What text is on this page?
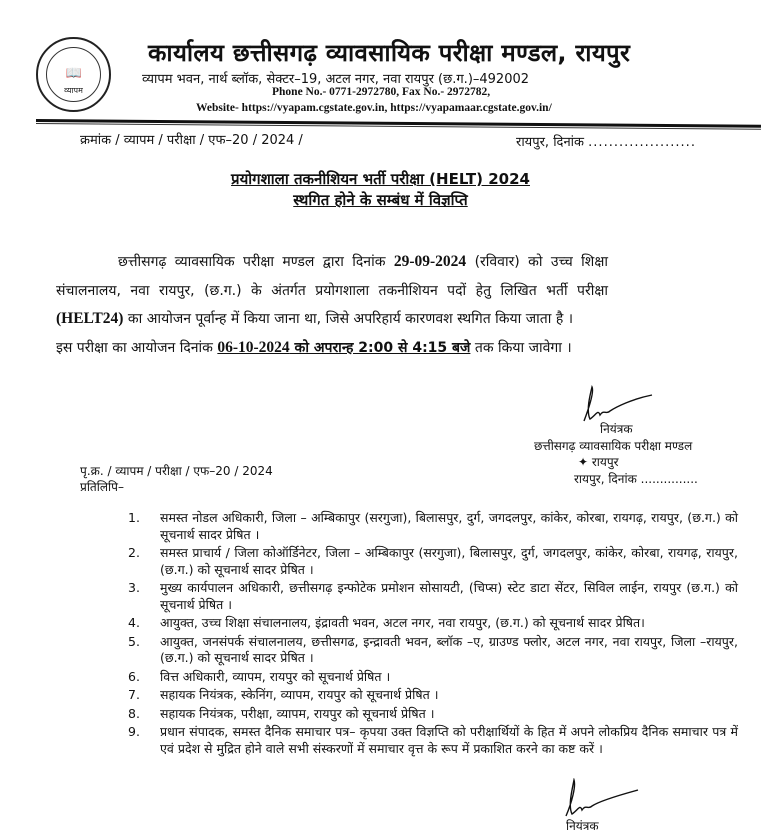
📖
व्यापम
कार्यालय छत्तीसगढ़ व्यावसायिक परीक्षा मण्डल, रायपुर
व्यापम भवन, नार्थ ब्लॉक, सेक्टर–19, अटल नगर, नवा रायपुर (छ.ग.)–492002
Phone No.- 0771-2972780, Fax No.- 2972782,
Website- https://vyapam.cgstate.gov.in, https://vyapamaar.cgstate.gov.in/
क्रमांक / व्यापम / परीक्षा / एफ–20 / 2024 /	रायपुर, दिनांक .....................
प्रयोगशाला तकनीशियन भर्ती परीक्षा (HELT) 2024
स्थगित होने के सम्बंध में विज्ञप्ति

छत्तीसगढ़ व्यावसायिक परीक्षा मण्डल द्वारा दिनांक 29-09-2024 (रविवार) को उच्च शिक्षा संचालनालय, नवा रायपुर, (छ.ग.) के अंतर्गत प्रयोगशाला तकनीशियन पदों हेतु लिखित भर्ती परीक्षा (HELT24) का आयोजन पूर्वान्ह में किया जाना था, जिसे अपरिहार्य कारणवश स्थगित किया जाता है ।

इस परीक्षा का आयोजन दिनांक 06-10-2024 को अपरान्ह 2:00 से 4:15 बजे तक किया जावेगा ।

नियंत्रक
छत्तीसगढ़ व्यावसायिक परीक्षा मण्डल
✦ रायपुर
रायपुर, दिनांक ...............
पृ.क्र. / व्यापम / परीक्षा / एफ–20 / 2024
प्रतिलिपि–
1.	समस्त नोडल अधिकारी, जिला – अम्बिकापुर (सरगुजा), बिलासपुर, दुर्ग, जगदलपुर, कांकेर, कोरबा, रायगढ़, रायपुर, (छ.ग.) को सूचनार्थ सादर प्रेषित ।
2.	समस्त प्राचार्य / जिला कोऑर्डिनेटर, जिला – अम्बिकापुर (सरगुजा), बिलासपुर, दुर्ग, जगदलपुर, कांकेर, कोरबा, रायगढ़, रायपुर, (छ.ग.) को सूचनार्थ सादर प्रेषित ।
3.	मुख्य कार्यपालन अधिकारी, छत्तीसगढ़ इन्फोटेक प्रमोशन सोसायटी, (चिप्स) स्टेट डाटा सेंटर, सिविल लाईन, रायपुर (छ.ग.) को सूचनार्थ प्रेषित ।
4.	आयुक्त, उच्च शिक्षा संचालनालय, इंद्रावती भवन, अटल नगर, नवा रायपुर, (छ.ग.) को सूचनार्थ सादर प्रेषित।
5.	आयुक्त, जनसंपर्क संचालनालय, छत्तीसगढ, इन्द्रावती भवन, ब्लॉक –ए, ग्राउण्ड फ्लोर, अटल नगर, नवा रायपुर, जिला –रायपुर, (छ.ग.) को सूचनार्थ सादर प्रेषित ।
6.	वित्त अधिकारी, व्यापम, रायपुर को सूचनार्थ प्रेषित ।
7.	सहायक नियंत्रक, स्केनिंग, व्यापम, रायपुर को सूचनार्थ प्रेषित ।
8.	सहायक नियंत्रक, परीक्षा, व्यापम, रायपुर को सूचनार्थ प्रेषित ।
9.	प्रधान संपादक, समस्त दैनिक समाचार पत्र– कृपया उक्त विज्ञप्ति को परीक्षार्थियों के हित में अपने लोकप्रिय दैनिक समाचार पत्र में एवं प्रदेश से मुद्रित होने वाले सभी संस्करणों में समाचार वृत्त के रूप में प्रकाशित करने का कष्ट करें ।
नियंत्रक
